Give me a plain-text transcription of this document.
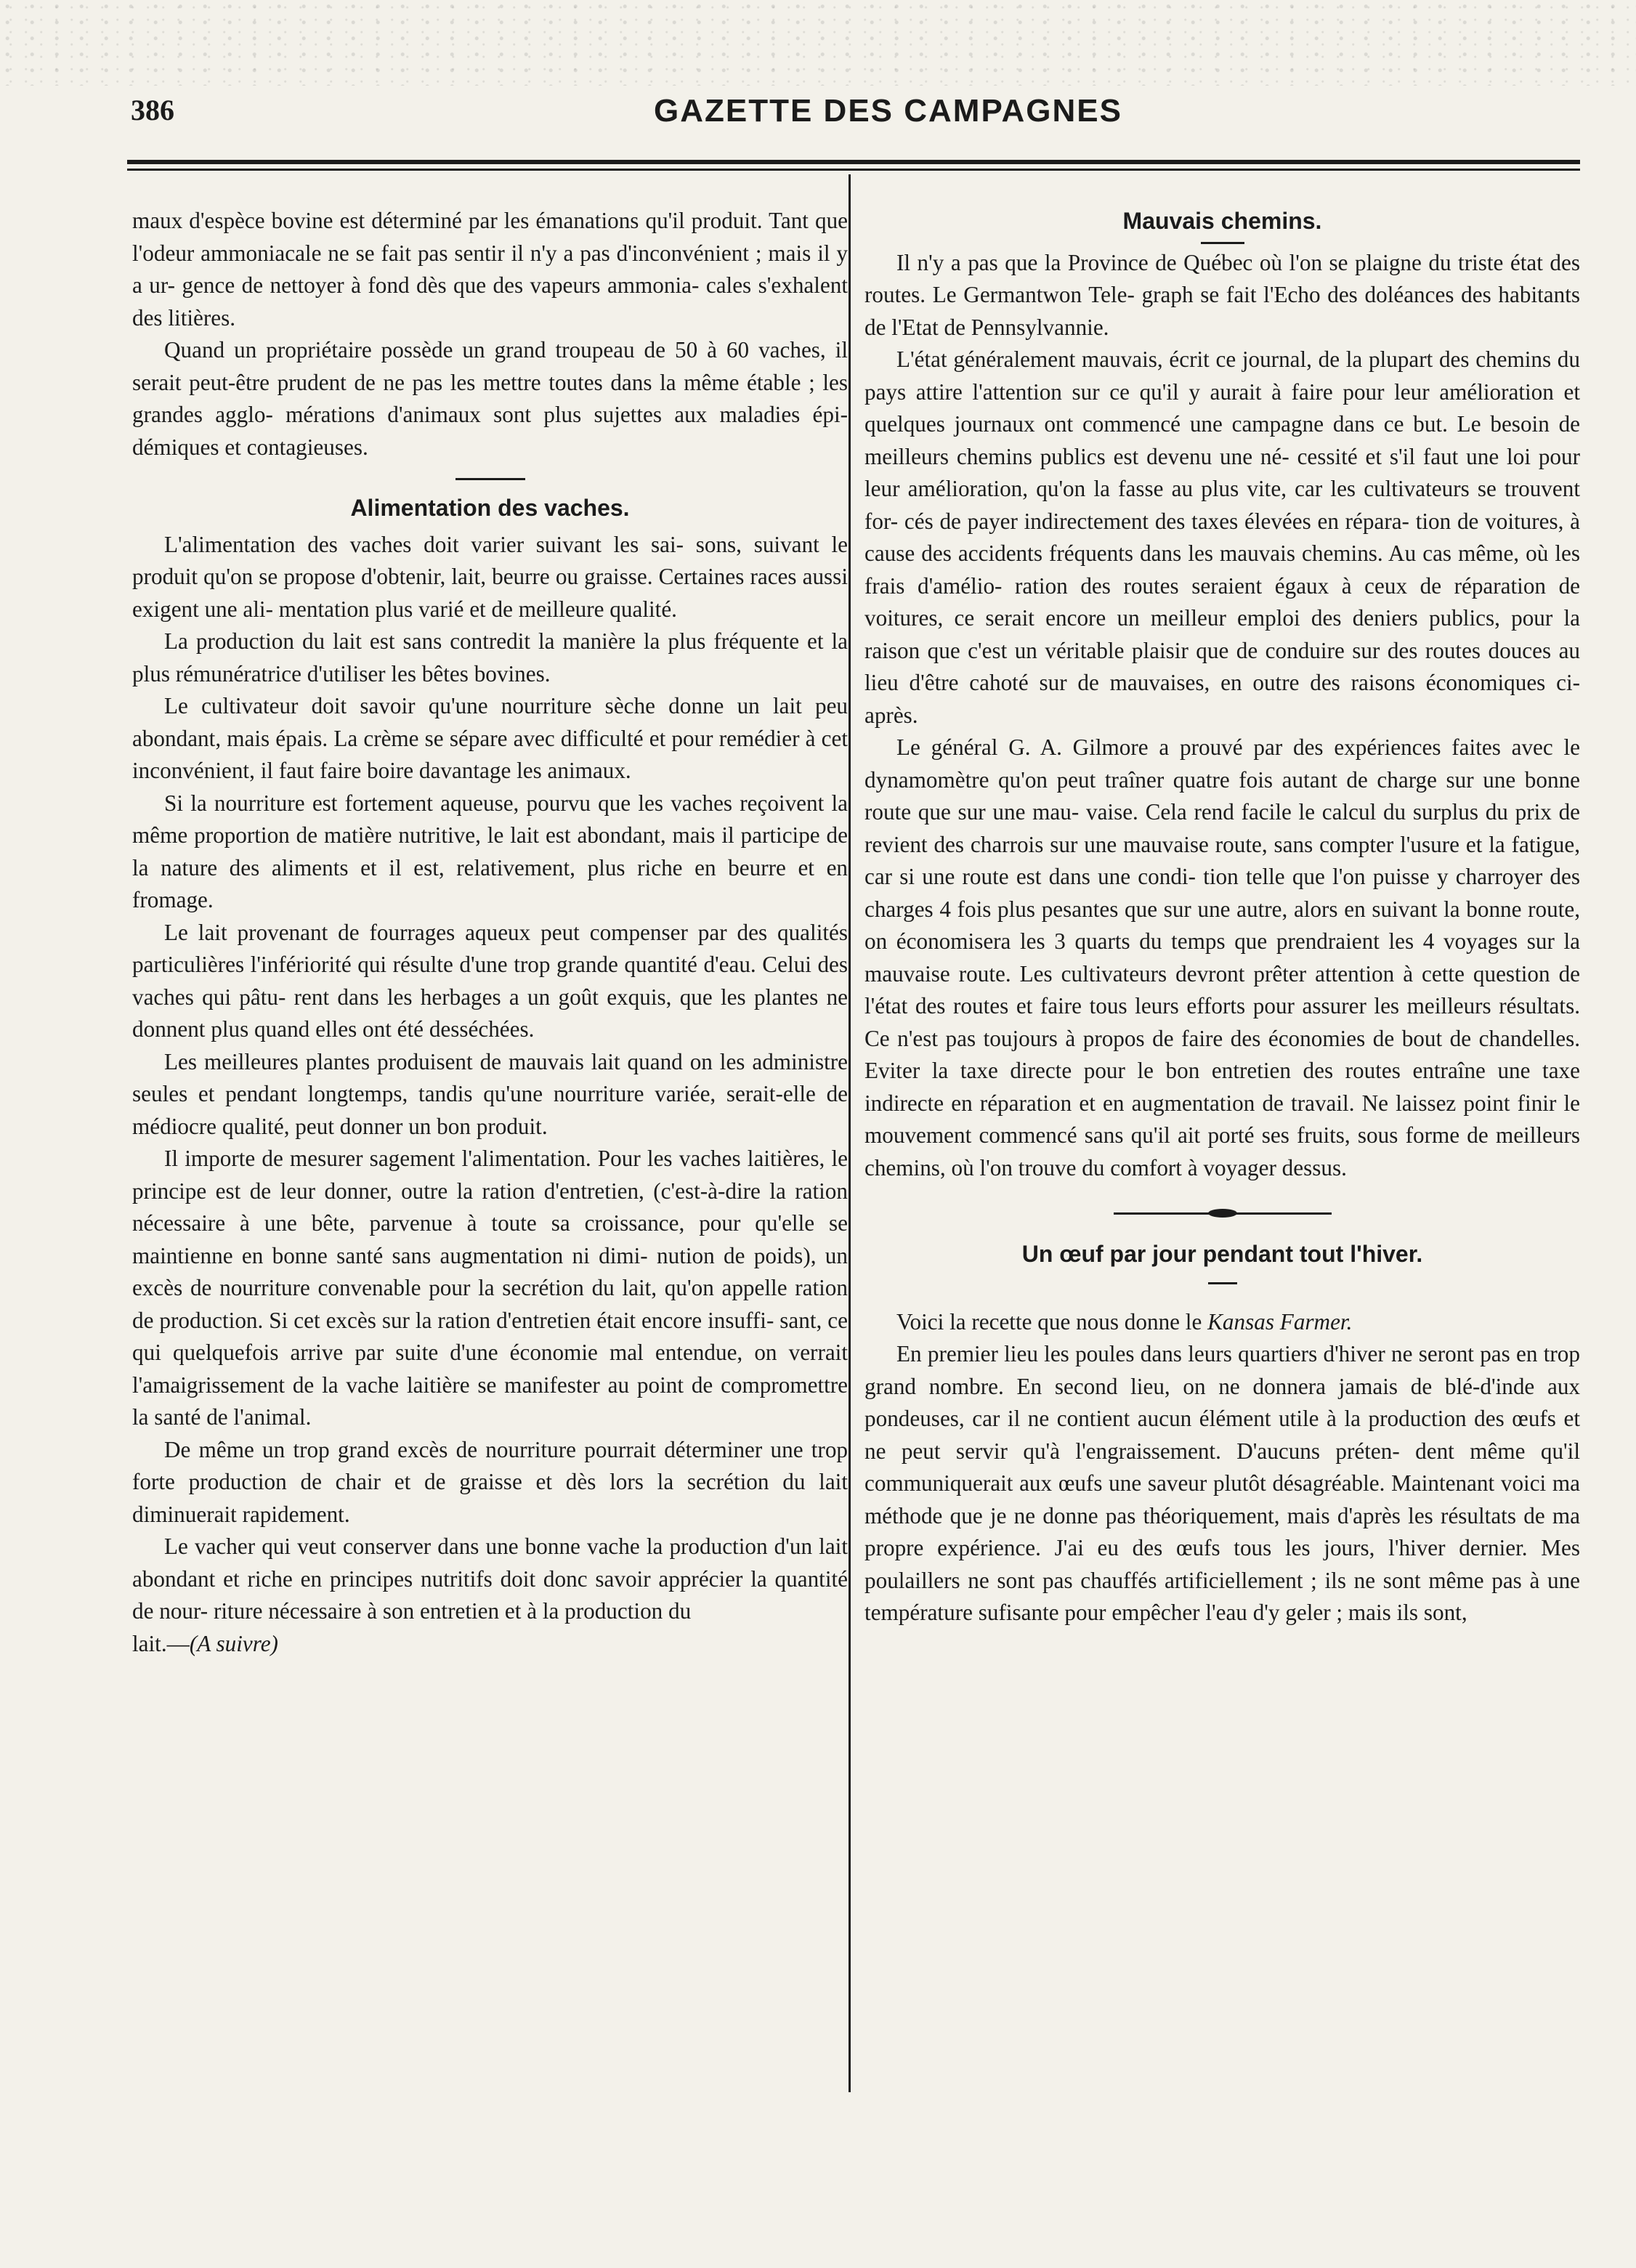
386	GAZETTE DES CAMPAGNES

maux d'espèce bovine est déterminé par les émanations qu'il produit. Tant que l'odeur ammoniacale ne se fait pas sentir il n'y a pas d'inconvénient ; mais il y a ur- gence de nettoyer à fond dès que des vapeurs ammonia- cales s'exhalent des litières.

Quand un propriétaire possède un grand troupeau de 50 à 60 vaches, il serait peut-être prudent de ne pas les mettre toutes dans la même étable ; les grandes agglo- mérations d'animaux sont plus sujettes aux maladies épi- démiques et contagieuses.

Alimentation des vaches.

L'alimentation des vaches doit varier suivant les sai- sons, suivant le produit qu'on se propose d'obtenir, lait, beurre ou graisse. Certaines races aussi exigent une ali- mentation plus varié et de meilleure qualité.

La production du lait est sans contredit la manière la plus fréquente et la plus rémunératrice d'utiliser les bêtes bovines.

Le cultivateur doit savoir qu'une nourriture sèche donne un lait peu abondant, mais épais. La crème se sépare avec difficulté et pour remédier à cet inconvénient, il faut faire boire davantage les animaux.

Si la nourriture est fortement aqueuse, pourvu que les vaches reçoivent la même proportion de matière nutritive, le lait est abondant, mais il participe de la nature des aliments et il est, relativement, plus riche en beurre et en fromage.

Le lait provenant de fourrages aqueux peut compenser par des qualités particulières l'infériorité qui résulte d'une trop grande quantité d'eau. Celui des vaches qui pâtu- rent dans les herbages a un goût exquis, que les plantes ne donnent plus quand elles ont été desséchées.

Les meilleures plantes produisent de mauvais lait quand on les administre seules et pendant longtemps, tandis qu'une nourriture variée, serait-elle de médiocre qualité, peut donner un bon produit.

Il importe de mesurer sagement l'alimentation. Pour les vaches laitières, le principe est de leur donner, outre la ration d'entretien, (c'est-à-dire la ration nécessaire à une bête, parvenue à toute sa croissance, pour qu'elle se maintienne en bonne santé sans augmentation ni dimi- nution de poids), un excès de nourriture convenable pour la secrétion du lait, qu'on appelle ration de production. Si cet excès sur la ration d'entretien était encore insuffi- sant, ce qui quelquefois arrive par suite d'une économie mal entendue, on verrait l'amaigrissement de la vache laitière se manifester au point de compromettre la santé de l'animal.

De même un trop grand excès de nourriture pourrait déterminer une trop forte production de chair et de graisse et dès lors la secrétion du lait diminuerait rapidement.

Le vacher qui veut conserver dans une bonne vache la production d'un lait abondant et riche en principes nutritifs doit donc savoir apprécier la quantité de nour- riture nécessaire à son entretien et à la production du

lait.—(A suivre)

Mauvais chemins.

Il n'y a pas que la Province de Québec où l'on se plaigne du triste état des routes. Le Germantwon Tele- graph se fait l'Echo des doléances des habitants de l'Etat de Pennsylvannie.

L'état généralement mauvais, écrit ce journal, de la plupart des chemins du pays attire l'attention sur ce qu'il y aurait à faire pour leur amélioration et quelques journaux ont commencé une campagne dans ce but. Le besoin de meilleurs chemins publics est devenu une né- cessité et s'il faut une loi pour leur amélioration, qu'on la fasse au plus vite, car les cultivateurs se trouvent for- cés de payer indirectement des taxes élevées en répara- tion de voitures, à cause des accidents fréquents dans les mauvais chemins. Au cas même, où les frais d'amélio- ration des routes seraient égaux à ceux de réparation de voitures, ce serait encore un meilleur emploi des deniers publics, pour la raison que c'est un véritable plaisir que de conduire sur des routes douces au lieu d'être cahoté sur de mauvaises, en outre des raisons économiques ci- après.

Le général G. A. Gilmore a prouvé par des expériences faites avec le dynamomètre qu'on peut traîner quatre fois autant de charge sur une bonne route que sur une mau- vaise. Cela rend facile le calcul du surplus du prix de revient des charrois sur une mauvaise route, sans compter l'usure et la fatigue, car si une route est dans une condi- tion telle que l'on puisse y charroyer des charges 4 fois plus pesantes que sur une autre, alors en suivant la bonne route, on économisera les 3 quarts du temps que prendraient les 4 voyages sur la mauvaise route. Les cultivateurs devront prêter attention à cette question de l'état des routes et faire tous leurs efforts pour assurer les meilleurs résultats. Ce n'est pas toujours à propos de faire des économies de bout de chandelles. Eviter la taxe directe pour le bon entretien des routes entraîne une taxe indirecte en réparation et en augmentation de travail. Ne laissez point finir le mouvement commencé sans qu'il ait porté ses fruits, sous forme de meilleurs chemins, où l'on trouve du comfort à voyager dessus.

Un œuf par jour pendant tout l'hiver.

Voici la recette que nous donne le Kansas Farmer.

En premier lieu les poules dans leurs quartiers d'hiver ne seront pas en trop grand nombre. En second lieu, on ne donnera jamais de blé-d'inde aux pondeuses, car il ne contient aucun élément utile à la production des œufs et ne peut servir qu'à l'engraissement. D'aucuns préten- dent même qu'il communiquerait aux œufs une saveur plutôt désagréable. Maintenant voici ma méthode que je ne donne pas théoriquement, mais d'après les résultats de ma propre expérience. J'ai eu des œufs tous les jours, l'hiver dernier. Mes poulaillers ne sont pas chauffés artificiellement ; ils ne sont même pas à une température sufisante pour empêcher l'eau d'y geler ; mais ils sont,
